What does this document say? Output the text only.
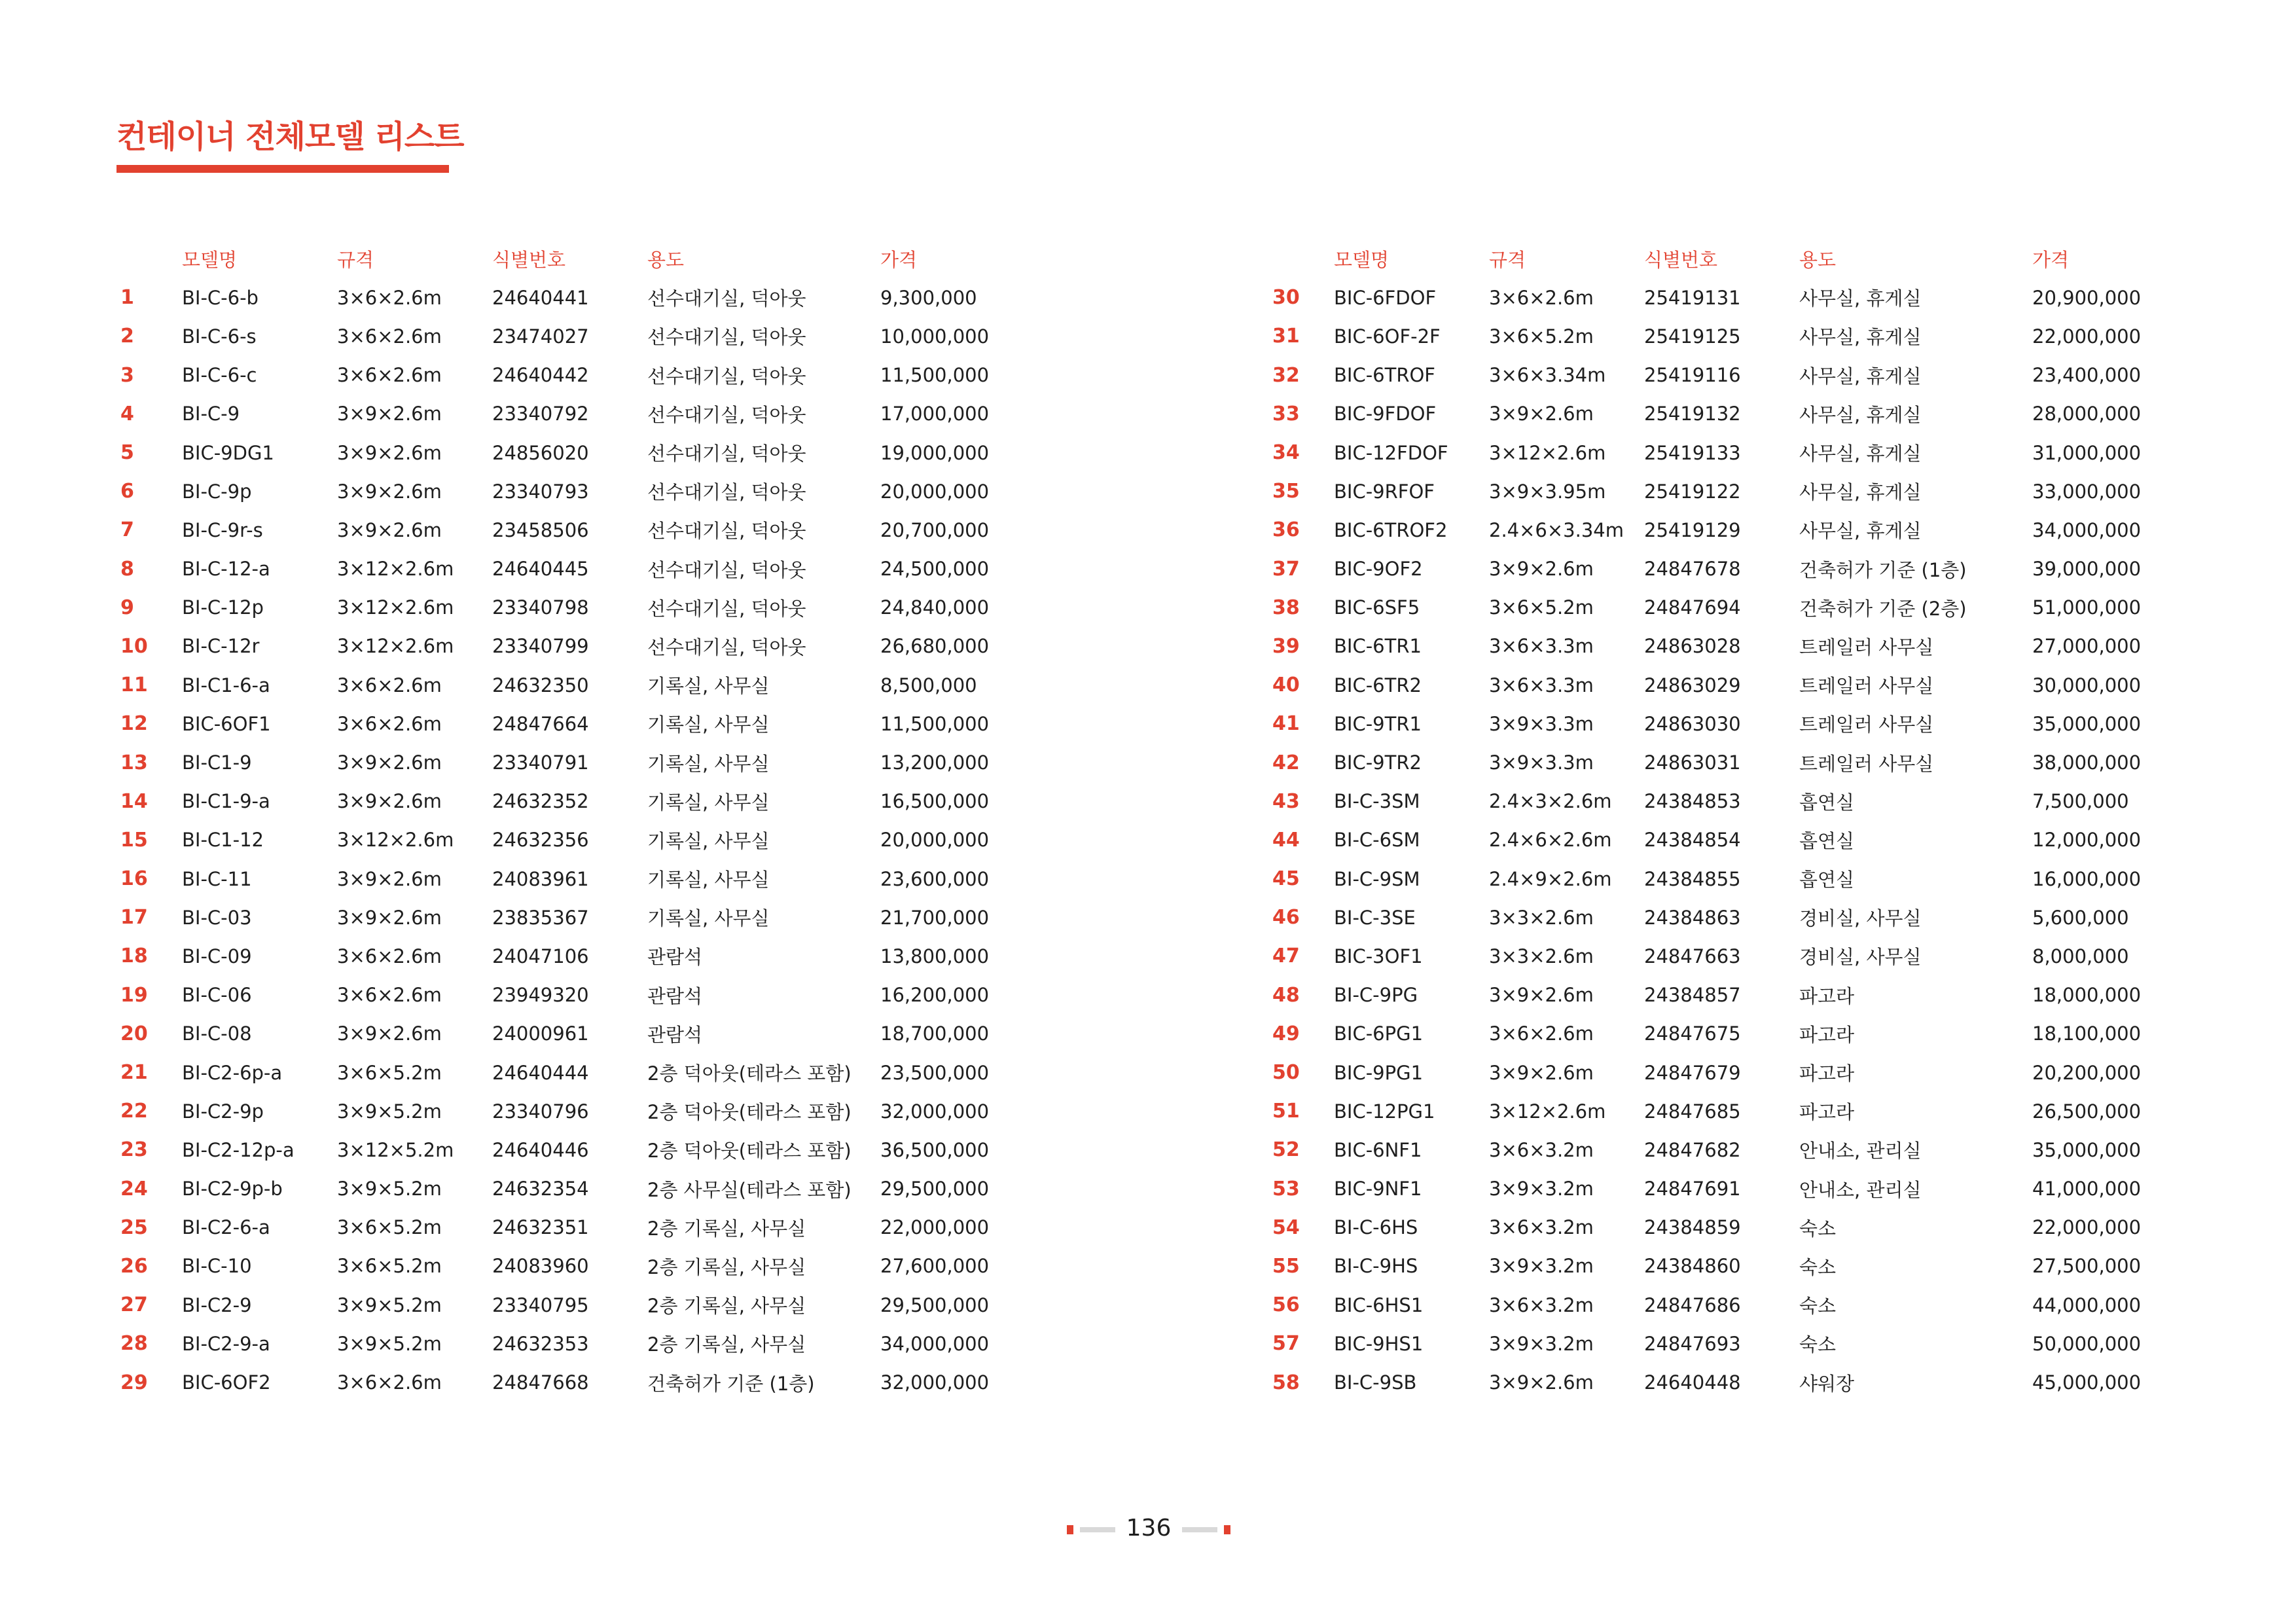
컨테이너 전체모델 리스트
	모델명	규격	식별번호	용도	가격
1	BI-C-6-b	3×6×2.6m	24640441	선수대기실, 덕아웃	9,300,000
2	BI-C-6-s	3×6×2.6m	23474027	선수대기실, 덕아웃	10,000,000
3	BI-C-6-c	3×6×2.6m	24640442	선수대기실, 덕아웃	11,500,000
4	BI-C-9	3×9×2.6m	23340792	선수대기실, 덕아웃	17,000,000
5	BIC-9DG1	3×9×2.6m	24856020	선수대기실, 덕아웃	19,000,000
6	BI-C-9p	3×9×2.6m	23340793	선수대기실, 덕아웃	20,000,000
7	BI-C-9r-s	3×9×2.6m	23458506	선수대기실, 덕아웃	20,700,000
8	BI-C-12-a	3×12×2.6m	24640445	선수대기실, 덕아웃	24,500,000
9	BI-C-12p	3×12×2.6m	23340798	선수대기실, 덕아웃	24,840,000
10	BI-C-12r	3×12×2.6m	23340799	선수대기실, 덕아웃	26,680,000
11	BI-C1-6-a	3×6×2.6m	24632350	기록실, 사무실	8,500,000
12	BIC-6OF1	3×6×2.6m	24847664	기록실, 사무실	11,500,000
13	BI-C1-9	3×9×2.6m	23340791	기록실, 사무실	13,200,000
14	BI-C1-9-a	3×9×2.6m	24632352	기록실, 사무실	16,500,000
15	BI-C1-12	3×12×2.6m	24632356	기록실, 사무실	20,000,000
16	BI-C-11	3×9×2.6m	24083961	기록실, 사무실	23,600,000
17	BI-C-03	3×9×2.6m	23835367	기록실, 사무실	21,700,000
18	BI-C-09	3×6×2.6m	24047106	관람석	13,800,000
19	BI-C-06	3×6×2.6m	23949320	관람석	16,200,000
20	BI-C-08	3×9×2.6m	24000961	관람석	18,700,000
21	BI-C2-6p-a	3×6×5.2m	24640444	2층 덕아웃(테라스 포함)	23,500,000
22	BI-C2-9p	3×9×5.2m	23340796	2층 덕아웃(테라스 포함)	32,000,000
23	BI-C2-12p-a	3×12×5.2m	24640446	2층 덕아웃(테라스 포함)	36,500,000
24	BI-C2-9p-b	3×9×5.2m	24632354	2층 사무실(테라스 포함)	29,500,000
25	BI-C2-6-a	3×6×5.2m	24632351	2층 기록실, 사무실	22,000,000
26	BI-C-10	3×6×5.2m	24083960	2층 기록실, 사무실	27,600,000
27	BI-C2-9	3×9×5.2m	23340795	2층 기록실, 사무실	29,500,000
28	BI-C2-9-a	3×9×5.2m	24632353	2층 기록실, 사무실	34,000,000
29	BIC-6OF2	3×6×2.6m	24847668	건축허가 기준 (1층)	32,000,000
	모델명	규격	식별번호	용도	가격
30	BIC-6FDOF	3×6×2.6m	25419131	사무실, 휴게실	20,900,000
31	BIC-6OF-2F	3×6×5.2m	25419125	사무실, 휴게실	22,000,000
32	BIC-6TROF	3×6×3.34m	25419116	사무실, 휴게실	23,400,000
33	BIC-9FDOF	3×9×2.6m	25419132	사무실, 휴게실	28,000,000
34	BIC-12FDOF	3×12×2.6m	25419133	사무실, 휴게실	31,000,000
35	BIC-9RFOF	3×9×3.95m	25419122	사무실, 휴게실	33,000,000
36	BIC-6TROF2	2.4×6×3.34m	25419129	사무실, 휴게실	34,000,000
37	BIC-9OF2	3×9×2.6m	24847678	건축허가 기준 (1층)	39,000,000
38	BIC-6SF5	3×6×5.2m	24847694	건축허가 기준 (2층)	51,000,000
39	BIC-6TR1	3×6×3.3m	24863028	트레일러 사무실	27,000,000
40	BIC-6TR2	3×6×3.3m	24863029	트레일러 사무실	30,000,000
41	BIC-9TR1	3×9×3.3m	24863030	트레일러 사무실	35,000,000
42	BIC-9TR2	3×9×3.3m	24863031	트레일러 사무실	38,000,000
43	BI-C-3SM	2.4×3×2.6m	24384853	흡연실	7,500,000
44	BI-C-6SM	2.4×6×2.6m	24384854	흡연실	12,000,000
45	BI-C-9SM	2.4×9×2.6m	24384855	흡연실	16,000,000
46	BI-C-3SE	3×3×2.6m	24384863	경비실, 사무실	5,600,000
47	BIC-3OF1	3×3×2.6m	24847663	경비실, 사무실	8,000,000
48	BI-C-9PG	3×9×2.6m	24384857	파고라	18,000,000
49	BIC-6PG1	3×6×2.6m	24847675	파고라	18,100,000
50	BIC-9PG1	3×9×2.6m	24847679	파고라	20,200,000
51	BIC-12PG1	3×12×2.6m	24847685	파고라	26,500,000
52	BIC-6NF1	3×6×3.2m	24847682	안내소, 관리실	35,000,000
53	BIC-9NF1	3×9×3.2m	24847691	안내소, 관리실	41,000,000
54	BI-C-6HS	3×6×3.2m	24384859	숙소	22,000,000
55	BI-C-9HS	3×9×3.2m	24384860	숙소	27,500,000
56	BIC-6HS1	3×6×3.2m	24847686	숙소	44,000,000
57	BIC-9HS1	3×9×3.2m	24847693	숙소	50,000,000
58	BI-C-9SB	3×9×2.6m	24640448	샤워장	45,000,000
136
